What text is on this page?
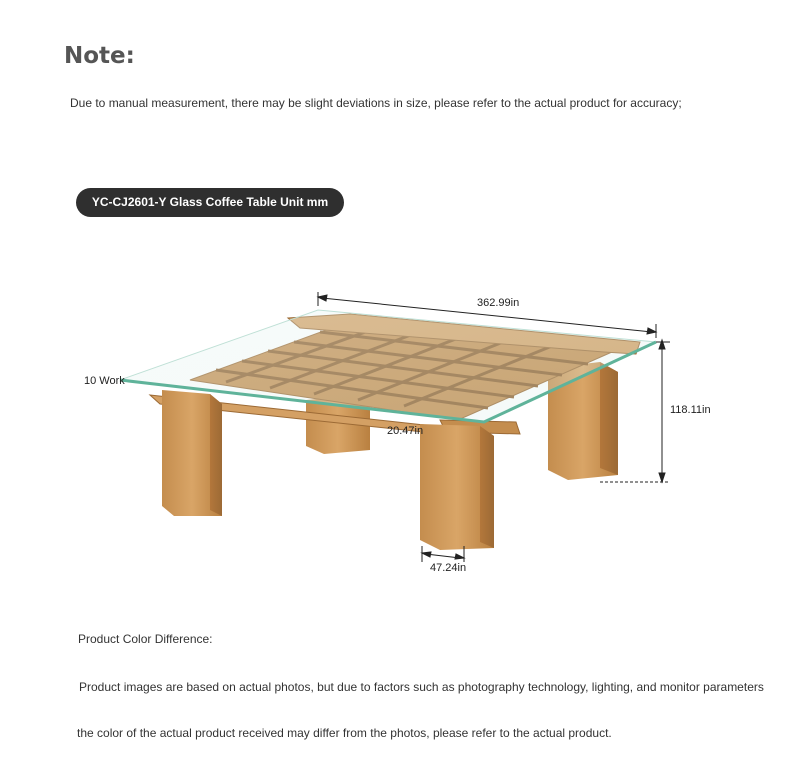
Note:
Due to manual measurement, there may be slight deviations in size, please refer to the actual product for accuracy;
YC-CJ2601-Y Glass Coffee Table Unit mm
362.99in
118.11in
20.47in
47.24in
10 Work
Product Color Difference:
Product images are based on actual photos, but due to factors such as photography technology, lighting, and monitor parameters
the color of the actual product received may differ from the photos, please refer to the actual product.
